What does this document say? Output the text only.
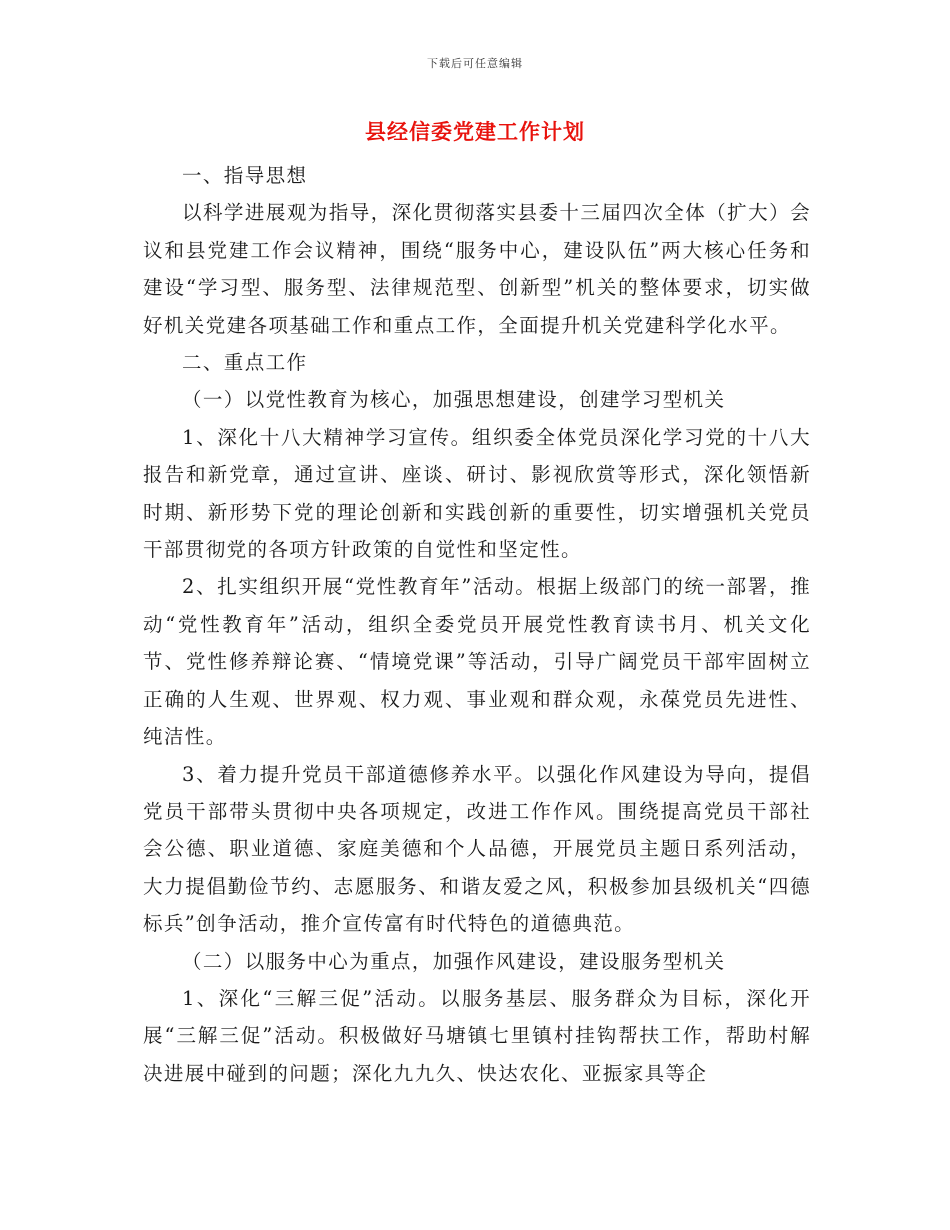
下载后可任意编辑
县经信委党建工作计划

一、指导思想

以科学进展观为指导，深化贯彻落实县委十三届四次全体（扩大）会议和县党建工作会议精神，围绕“服务中心，建设队伍”两大核心任务和建设“学习型、服务型、法律规范型、创新型”机关的整体要求，切实做好机关党建各项基础工作和重点工作，全面提升机关党建科学化水平。

二、重点工作

（一）以党性教育为核心，加强思想建设，创建学习型机关

1、深化十八大精神学习宣传。组织委全体党员深化学习党的十八大报告和新党章，通过宣讲、座谈、研讨、影视欣赏等形式，深化领悟新时期、新形势下党的理论创新和实践创新的重要性，切实增强机关党员干部贯彻党的各项方针政策的自觉性和坚定性。

2、扎实组织开展“党性教育年”活动。根据上级部门的统一部署，推动“党性教育年”活动，组织全委党员开展党性教育读书月、机关文化节、党性修养辩论赛、“情境党课”等活动，引导广阔党员干部牢固树立正确的人生观、世界观、权力观、事业观和群众观，永葆党员先进性、纯洁性。

3、着力提升党员干部道德修养水平。以强化作风建设为导向，提倡党员干部带头贯彻中央各项规定，改进工作作风。围绕提高党员干部社会公德、职业道德、家庭美德和个人品德，开展党员主题日系列活动，大力提倡勤俭节约、志愿服务、和谐友爱之风，积极参加县级机关“四德标兵”创争活动，推介宣传富有时代特色的道德典范。

（二）以服务中心为重点，加强作风建设，建设服务型机关

1、深化“三解三促”活动。以服务基层、服务群众为目标，深化开展“三解三促”活动。积极做好马塘镇七里镇村挂钩帮扶工作，帮助村解决进展中碰到的问题；深化九九久、快达农化、亚振家具等企
